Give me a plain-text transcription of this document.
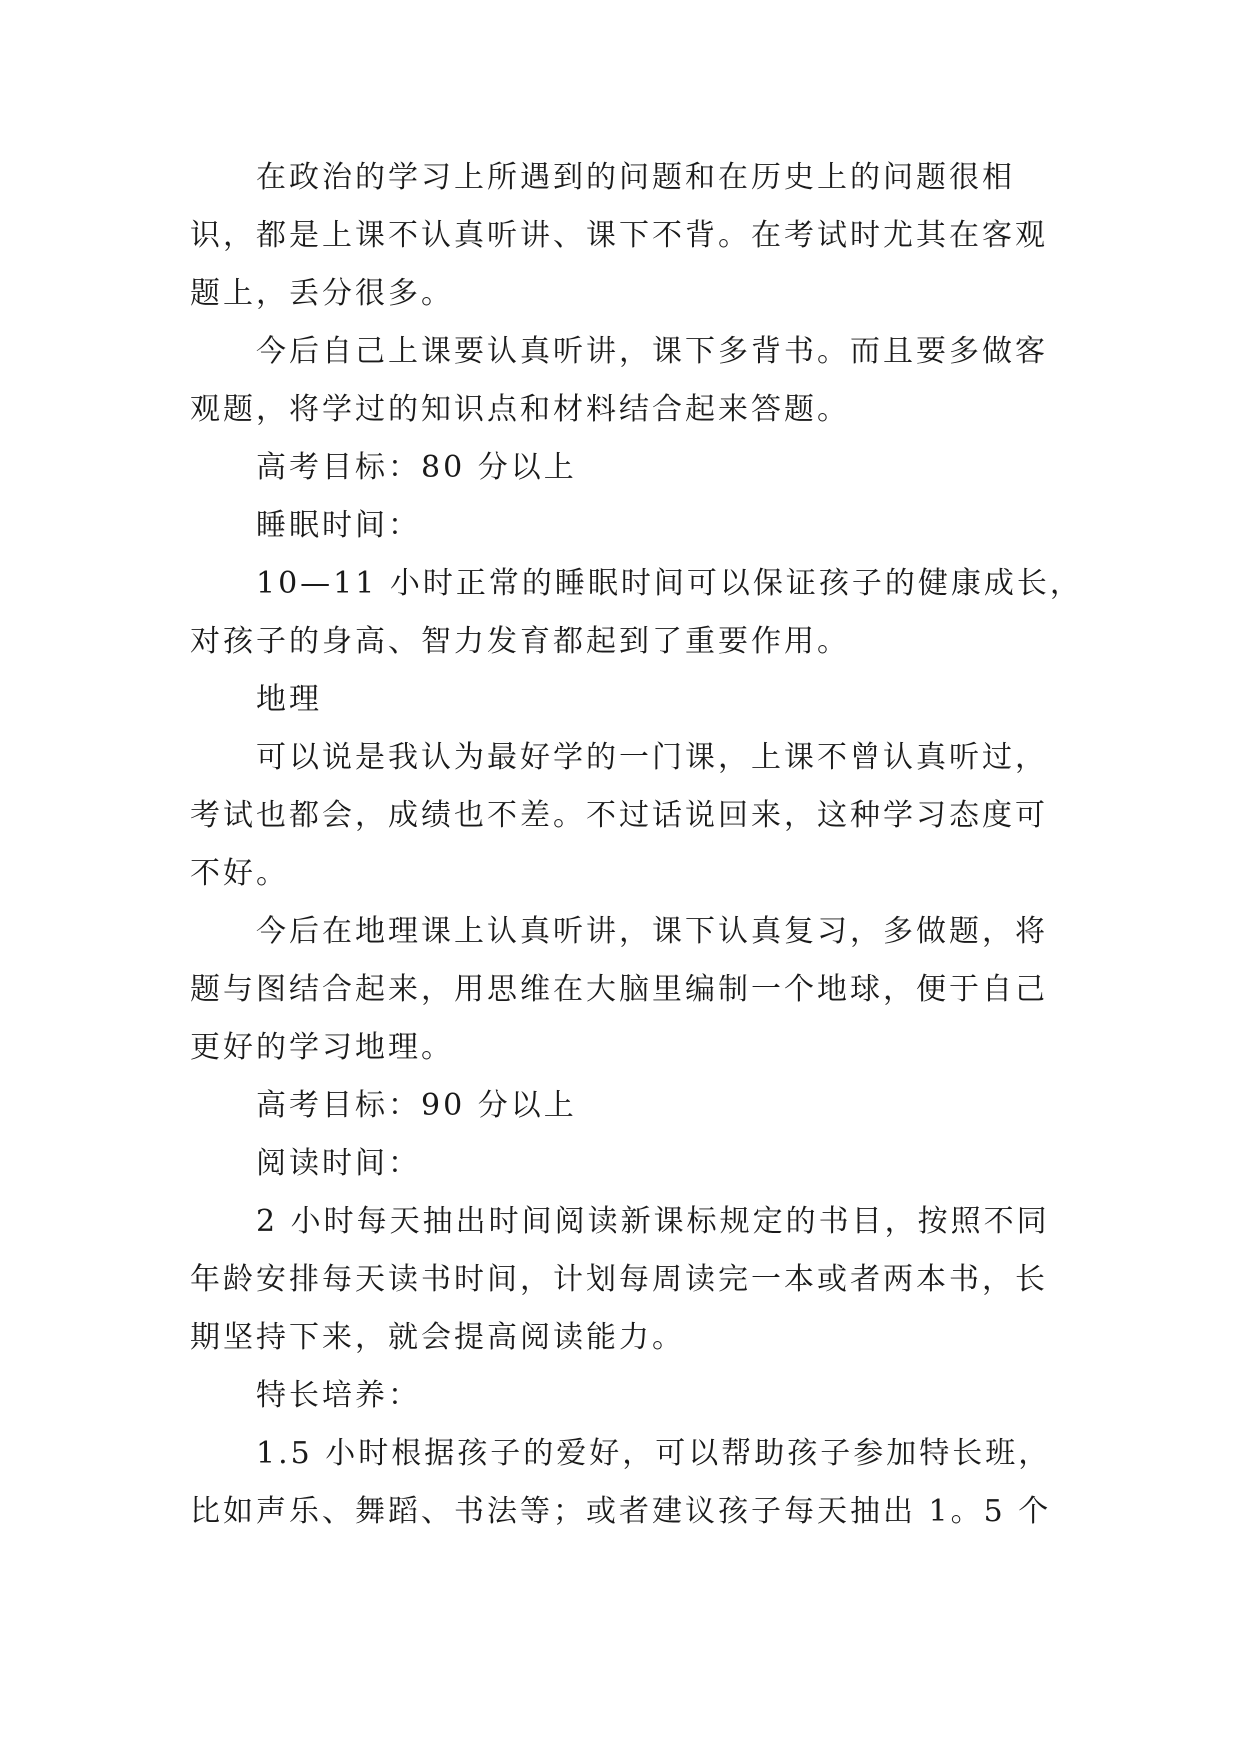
在政治的学习上所遇到的问题和在历史上的问题很相
识，都是上课不认真听讲、课下不背。在考试时尤其在客观
题上，丢分很多。
今后自己上课要认真听讲，课下多背书。而且要多做客
观题，将学过的知识点和材料结合起来答题。
高考目标：80 分以上
睡眠时间：
10—11 小时正常的睡眠时间可以保证孩子的健康成长，
对孩子的身高、智力发育都起到了重要作用。
地理
可以说是我认为最好学的一门课，上课不曾认真听过，
考试也都会，成绩也不差。不过话说回来，这种学习态度可
不好。
今后在地理课上认真听讲，课下认真复习，多做题，将
题与图结合起来，用思维在大脑里编制一个地球，便于自己
更好的学习地理。
高考目标：90 分以上
阅读时间：
2 小时每天抽出时间阅读新课标规定的书目，按照不同
年龄安排每天读书时间，计划每周读完一本或者两本书，长
期坚持下来，就会提高阅读能力。
特长培养：
1.5 小时根据孩子的爱好，可以帮助孩子参加特长班，
比如声乐、舞蹈、书法等；或者建议孩子每天抽出 1。5 个
